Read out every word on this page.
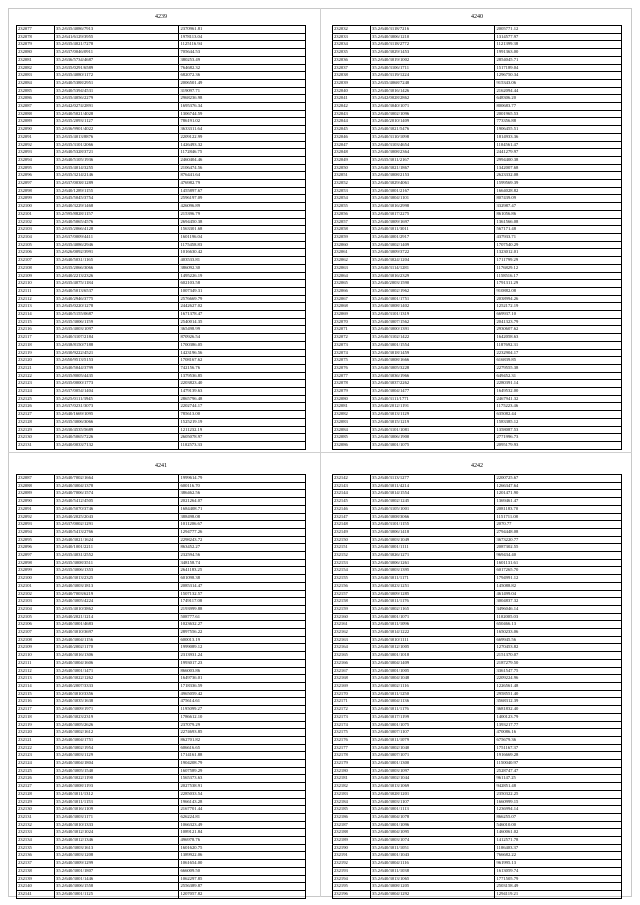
4239
232077	35.2/635/4086/7913	2370961.81
232078	35.2/641/6129/3955	1978113.04
232079	35.2/635/4021/7278	1125116.94
232080	35.2/637/0046/0911	705644.53
232081	35.2/636/5734/4687	380253.49
232082	35.2/635/0291/6589	764682.32
232083	35.2/635/4080/1172	682072.36
232084	35.2/640/5388/2951	2006501.49
232085	35.2/640/5394/4531	319097.71
232086	35.2/635/4056/2279	2968236.98
232087	35.2/642/0274/2891	1695376.34
232088	35.2/640/5021/4028	1306744.59
232089	35.2/635/2093/1127	786191.02
232090	35.2/636/9901/4022	3633311.64
232091	35.2/635/4013/8876	2209122.99
232092	35.2/635/3101/2066	1426493.32
232093	35.2/640/5328/3721	1172846.75
232094	35.2/640/5105/1936	2460404.46
232095	35.2/635/4014/3255	2106474.56
232096	35.2/635/3214/2146	876441.64
232097	35.2/637/0038/1289	476982.79
232098	35.2/640/1289/1155	1455897.67
232099	35.2/645/5045/3754	2596197.09
232100	35.2/640/3229/1468	426096.89
232101	35.2/595/8828/1157	215396.79
232102	35.2/640/5065/4576	2694450.38
232103	35.2/635/2066/4128	1563301.68
232104	35.2/637/0009/4411	1601196.04
232105	35.2/635/4086/2946	1175458.83
232106	35.2/626/0092/3991	1016630.42
232107	35.2/640/5031/1165	403533.81
232108	35.2/635/2066/3066	386092.30
232109	35.2/640/2213/2326	1495226.19
232110	35.2/635/4075/1184	602103.58
232111	35.2/640/5013/6537	1007349.31
232112	35.2/640/2946/3775	2576669.79
232113	35.2/645/0220/1278	2442627.02
232114	35.2/640/5155/0687	1671378.47
232115	35.2/635/3006/1159	2540014.35
232116	35.2/635/4003/1097	365498.99
232117	35.2/640/3107/2184	870926.54
232118	35.2/638/8150/7188	1700386.05
232119	35.2/630/9222/4521	1423196.56
232120	35.2/650/9513/5153	1708167.62
232121	35.2/640/5044/3799	742156.76
232122	35.2/635/8005/4435	1379536.85
232123	35.2/635/0000/1773	2203823.40
232124	35.2/637/0054/1404	1479139.63
232125	35.2/625/0111/3945	2865796.48
232126	35.2/637/0231/3073	2202744.17
232127	35.2/640/1669/1095	785613.00
232128	35.2/635/3006/3066	1525219.19
232129	35.2/630/4535/5689	1211232.19
232130	35.2/640/5065/7226	2605078.97
232131	35.2/640/0033/7132	1102573.33
4240
232032	35.2/640/3118/7216	2005771.12
232033	35.2/640/3006/1210	1314577.97
232034	35.2/640/3118/2772	1121399.38
232035	35.2/640/3029/1453	1991363.00
232036	35.2/640/3019/1002	2854045.71
232037	35.2/640/3106/1711	1517189.04
232038	35.2/640/3119/1224	1296750.34
232039	35.2/635/4068/7248	915343.06
232040	35.2/640/3016/1426	2162094.44
232041	35.2/642/0028/2862	648306.20
232042	35.2/640/3040/1071	800683.77
232043	35.2/640/3002/1096	2001965.53
232044	35.2/640/2010/1409	773356.88
232045	35.2/640/3021/5476	1906455.51
232046	35.2/640/3110/1098	1814933.36
232047	35.2/640/3103/4654	1104561.47
232048	35.2/640/3008/2364	2441279.97
232049	35.2/635/3011/2167	2994400.38
232050	35.2/640/3021/1867	1342007.68
232051	35.2/640/3008/2153	2623332.08
232052	35.2/640/3029/4061	1599569.39
232053	35.2/640/3001/2167	1664028.82
232054	35.2/640/3004/1101	807439.09
232055	35.2/640/3016/2998	332987.47
232056	35.2/640/3017/2275	861056.86
232057	35.2/640/3009/1697	1361566.08
232058	35.2/640/3011/3011	567171.48
232059	35.2/640/4001/2917	437933.71
232060	35.2/640/3002/1409	1707540.29
232061	35.2/640/3009/3722	1323012.01
232062	35.2/640/3024/1204	1711799.29
232063	35.2/640/3114/1281	1176829.12
232064	35.2/640/3016/2329	1158516.17
232065	35.2/640/2003/1590	1791311.29
232066	35.2/640/3002/1962	910882.08
232067	35.2/640/3001/1751	2038994.26
232068	35.2/640/3008/1402	1252172.19
232069	35.2/640/3101/1319	669937.10
232070	35.2/640/3007/1562	2041323.79
232071	35.2/640/3000/1391	2930607.62
232072	35.2/640/3102/1422	1642058.63
232073	35.2/640/3001/1554	1187692.31
232074	35.2/640/3018/1459	2232904.17
232075	35.2/640/3008/1666	616839.85
232076	35.2/640/3005/3228	2279555.38
232077	35.2/640/3036/1966	649452.31
232078	35.2/640/3037/2262	2280391.14
232079	35.2/640/3004/1477	1649532.00
232080	35.2/640/3111/1771	2467941.32
232081	35.2/640/2012/1191	1175223.46
232082	35.2/640/3013/1129	635082.44
232083	35.2/640/3015/1219	1583385.12
232084	35.2/640/3101/1081	1358087.53
232085	35.2/640/3006/1900	2771996.73
232086	35.2/640/3001/1075	2095179.93
4241
232087	35.2/640/7002/1664	1999614.79
232088	35.2/640/3004/1378	600116.70
232089	35.2/640/7006/1574	386462.56
232090	35.2/640/5412/4505	2021264.07
232091	35.2/640/5070/3746	1684408.71
232092	35.2/640/2025/2043	388498.08
232093	35.2/637/0002/1291	1011206.67
232094	35.2/640/5413/2766	1294777.26
232095	35.2/640/3021/1624	2298243.72
232096	35.2/640/1001/2211	863452.27
232097	35.2/635/4031/2552	232594.56
232098	35.2/635/3008/3511	348158.74
232099	35.2/635/3006/1353	2641183.25
232100	35.2/640/3013/2325	601098.38
232101	35.2/640/3003/1813	2085314.47
232102	35.2/640/7003/6219	1507132.57
232103	35.2/640/3005/4224	1749117.08
232104	35.2/635/4010/3862	2193999.88
232105	35.2/640/2021/1214	508777.61
232106	35.2/640/3001/4683	1023632.27
232107	35.2/640/3010/3697	2897556.22
232108	35.2/640/3004/1156	600013.19
232109	35.2/640/2002/1170	1999089.12
232110	35.2/640/3016/1306	2313931.24
232111	35.2/640/3004/1606	1993017.23
232112	35.2/640/3001/1471	866003.86
232113	35.2/640/3022/1262	1649736.01
232114	35.2/640/2007/3333	1718336.59
232115	35.2/640/3010/3356	4965059.42
232116	35.2/640/3035/1638	475614.61
232117	35.2/640/3009/1971	1195099.27
232118	35.2/640/3023/2319	1786612.10
232119	35.2/640/3005/2626	237079.29
232120	35.2/640/3002/1612	2274693.85
232121	35.2/640/3004/1751	862701.82
232122	35.2/640/3002/1954	606616.65
232123	35.2/640/3003/1129	1714161.88
232124	35.2/640/3004/1804	1904208.79
232125	35.2/640/3005/1540	1607589.29
232126	35.2/640/3022/1190	1565373.63
232127	35.2/640/3008/1193	2027538.91
232128	35.2/640/3011/1312	2285033.54
232129	35.2/640/3011/1153	1966143.28
232130	35.2/640/3016/1109	2167701.44
232131	35.2/640/3003/1171	626224.81
232132	35.2/640/3010/1333	1066323.49
232133	35.2/640/3012/1024	1089121.84
232134	35.2/640/3012/1346	496978.76
232135	35.2/640/3003/1613	1601620.75
232136	35.2/640/3003/1208	1389922.06
232137	35.2/640/3009/1299	1061654.00
232138	35.2/640/3001/1807	666009.50
232139	35.2/640/3001/1446	1062297.85
232140	35.2/640/3006/1558	2556389.87
232141	35.2/640/3001/1125	1207057.82
4242
232142	35.2/640/3113/1277	2200725.67
232143	35.2/640/3011/4214	1266347.64
232144	35.2/640/3014/1554	1201471.90
232145	35.2/640/3002/1245	1369461.47
232146	35.2/640/3105/1001	2081183.70
232147	35.2/640/3008/3066	1151711.08
232148	35.2/640/3101/1155	2070.77
232149	35.2/640/3006/1418	2794448.08
232150	35.2/640/3003/1049	3673220.77
232151	35.2/640/3001/1111	2087302.55
232152	35.2/640/3026/1271	969434.40
232153	35.2/640/3006/1261	1601131.61
232154	35.2/640/3003/1395	6017265.70
232155	35.2/640/3011/1171	1794991.12
232156	35.2/640/3023/1251	145088.82
232157	35.2/640/3009/1285	461499.04
232158	35.2/640/3011/1176	3004837.32
232159	35.2/640/3002/1165	3496046.14
232160	35.2/640/3001/1071	1102005.03
232161	35.2/640/3011/1096	650466.13
232162	35.2/640/3014/1222	1650233.06
232163	35.2/640/3010/1111	669945.56
232164	35.2/640/3012/1005	1270453.82
232165	35.2/640/3001/1018	2151370.07
232166	35.2/640/3004/1409	2187279.50
232167	35.2/640/3001/1005	3361547.75
232168	35.2/640/3004/1048	2209224.96
232169	35.2/640/3002/1116	1226561.48
232170	35.2/640/3011/1250	2958551.40
232171	35.2/640/3004/1136	3568312.39
232172	35.2/640/3011/1176	3681832.40
232173	35.2/640/3017/1199	1400123.79
232174	35.2/640/3001/1075	1393217.77
232175	35.2/640/3007/1107	470086.16
232176	35.2/640/3011/1079	675679.36
232177	35.2/640/3002/1040	1751167.37
232178	35.2/640/3007/1071	1916669.28
232179	35.2/640/3001/1300	1150040.97
232180	35.2/640/3003/1097	2528747.47
232181	35.2/640/3002/1044	961147.25
232182	35.2/640/3013/1069	942851.48
232183	35.2/640/3028/1201	2350322.25
232184	35.2/640/3003/1107	1660999.15
232185	35.2/640/3001/1113	1236994.14
232186	35.2/640/3004/1078	866255.07
232187	35.2/640/3001/1096	546010.00
232188	35.2/640/3004/1095	1460061.02
232189	35.2/640/3003/1074	1412571.78
232190	35.2/640/3011/1051	1106403.37
232191	35.2/640/3001/1043	766682.22
232192	35.2/640/3004/1116	961995.13
232193	35.2/640/3011/1038	1613059.74
232194	35.2/640/3013/1065	1771505.79
232195	35.2/640/3008/1205	2503158.49
232196	35.2/640/3004/1292	1294119.21
